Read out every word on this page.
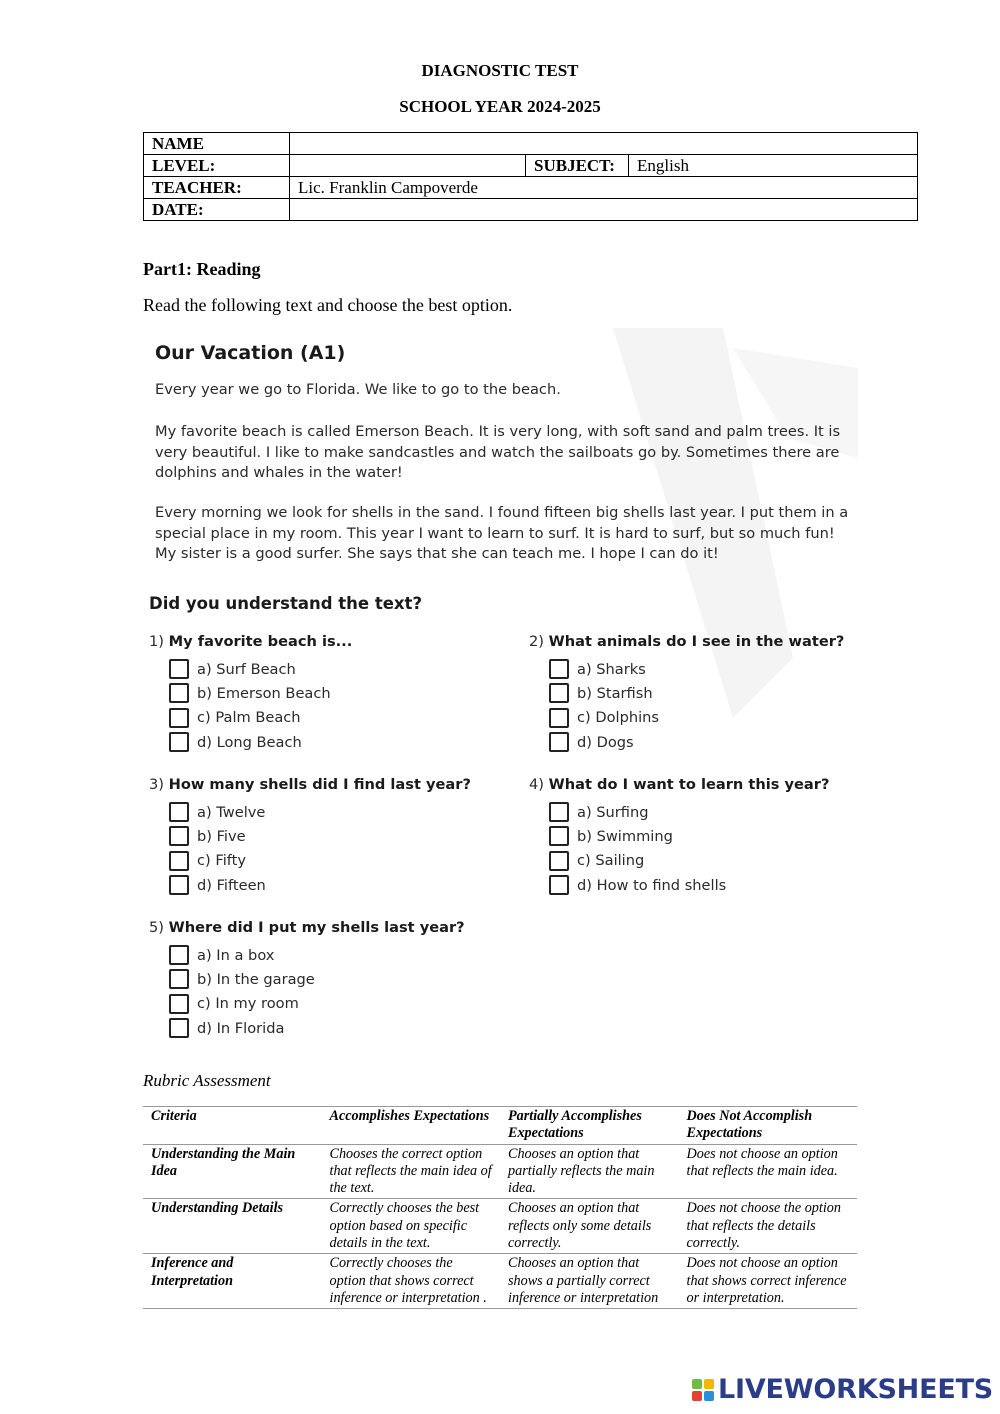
DIAGNOSTIC TEST
SCHOOL YEAR 2024-2025
NAME			
LEVEL:		SUBJECT:	English
TEACHER:	Lic. Franklin Campoverde		
DATE:			
Part1: Reading
Read the following text and choose the best option.
Our Vacation (A1)
Every year we go to Florida. We like to go to the beach.
My favorite beach is called Emerson Beach. It is very long, with soft sand and palm trees. It is very beautiful. I like to make sandcastles and watch the sailboats go by. Sometimes there are dolphins and whales in the water!
Every morning we look for shells in the sand. I found fifteen big shells last year. I put them in a special place in my room. This year I want to learn to surf. It is hard to surf, but so much fun! My sister is a good surfer. She says that she can teach me. I hope I can do it!
Did you understand the text?
1) My favorite beach is...
a) Surf Beach
b) Emerson Beach
c) Palm Beach
d) Long Beach
2) What animals do I see in the water?
a) Sharks
b) Starfish
c) Dolphins
d) Dogs
3) How many shells did I find last year?
a) Twelve
b) Five
c) Fifty
d) Fifteen
4) What do I want to learn this year?
a) Surfing
b) Swimming
c) Sailing
d) How to find shells
5) Where did I put my shells last year?
a) In a box
b) In the garage
c) In my room
d) In Florida
Rubric Assessment
Criteria	Accomplishes Expectations	Partially Accomplishes Expectations	Does Not Accomplish Expectations
Understanding the Main Idea	Chooses the correct option that reflects the main idea of the text.	Chooses an option that partially reflects the main idea.	Does not choose an option that reflects the main idea.
Understanding Details	Correctly chooses the best option based on specific details in the text.	Chooses an option that reflects only some details correctly.	Does not choose the option that reflects the details correctly.
Inference and Interpretation	Correctly chooses the option that shows correct inference or interpretation .	Chooses an option that shows a partially correct inference or interpretation	Does not choose an option that shows correct inference or interpretation.
LIVEWORKSHEETS
